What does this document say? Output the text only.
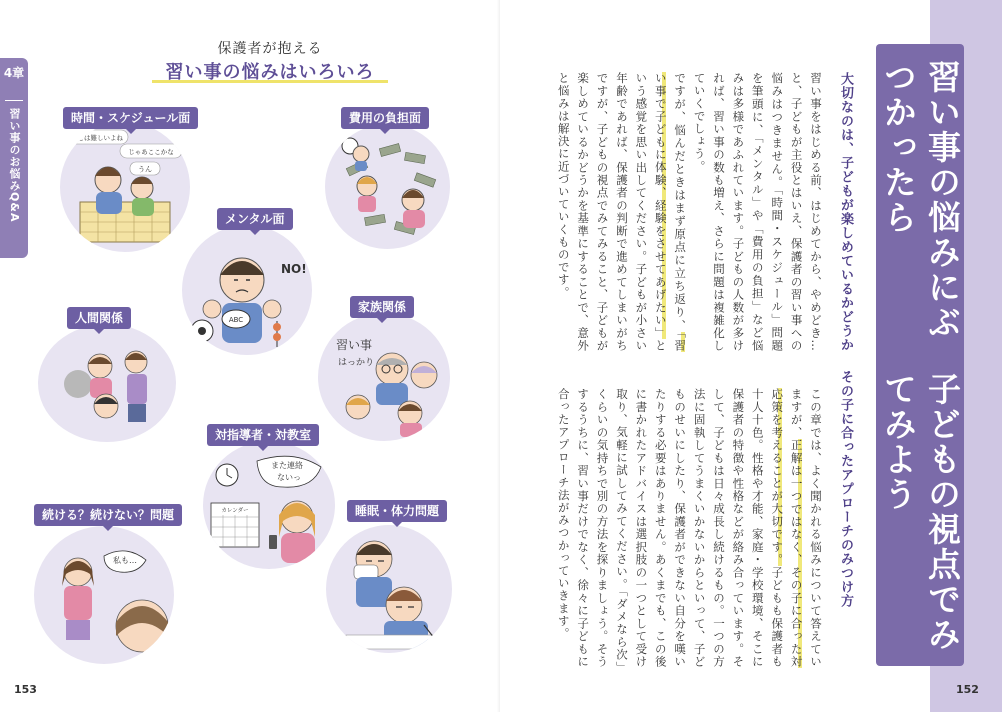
4章
習い事のお悩みQ&A
保護者が抱える
習い事の悩みはいろいろ
ここは難しいよね
じゃあここかな
うん
時間・スケジュール面	費用の負担面
NO!
ABC
メンタル面
人間関係
習い事
はっかり
家族関係
また連絡
ないっ
カレンダー
対指導者・対教室
私も…
続ける？続けない？問題	睡眠・体力問題
153
習い事の悩みにぶつかったら
子どもの視点でみてみよう
大切なのは、子どもが楽しめているかどうか
習い事をはじめる前、はじめてから、やめどき…と、子どもが主役とはいえ、保護者の習い事への悩みはつきません。「時間・スケジュール」問題を筆頭に、「メンタル」や「費用の負担」など悩みは多様であふれています。子どもの人数が多ければ、習い事の数も増え、さらに問題は複雑化していくでしょう。
ですが、悩んだときはまず原点に立ち返り、「習い事で子どもに体験、経験をさせてあげたい」という感覚を思い出してください。子どもが小さい年齢であれば、保護者の判断で進めてしまいがちですが、子どもの視点でみてみること、子どもが楽しめているかどうかを基準にすることで、意外と悩みは解決に近づいていくものです。
その子に合ったアプローチのみつけ方
この章では、よく聞かれる悩みについて答えていますが、正解は一つではなく、その子に合った対応策を考えることが大切です。子どもも保護者も十人十色。性格や才能、家庭・学校環境、そこに保護者の特徴や性格などが絡み合っています。そして、子どもは日々成長し続けるもの。一つの方法に固執してうまくいかないからといって、子どものせいにしたり、保護者ができない自分を嘆いたりする必要はありません。あくまでも、この後に書かれたアドバイスは選択肢の一つとして受け取り、気軽に試してみてください。「ダメなら次」くらいの気持ちで別の方法を探りましょう。そうするうちに、習い事だけでなく、徐々に子どもに合ったアプローチ法がみつかっていきます。
152
